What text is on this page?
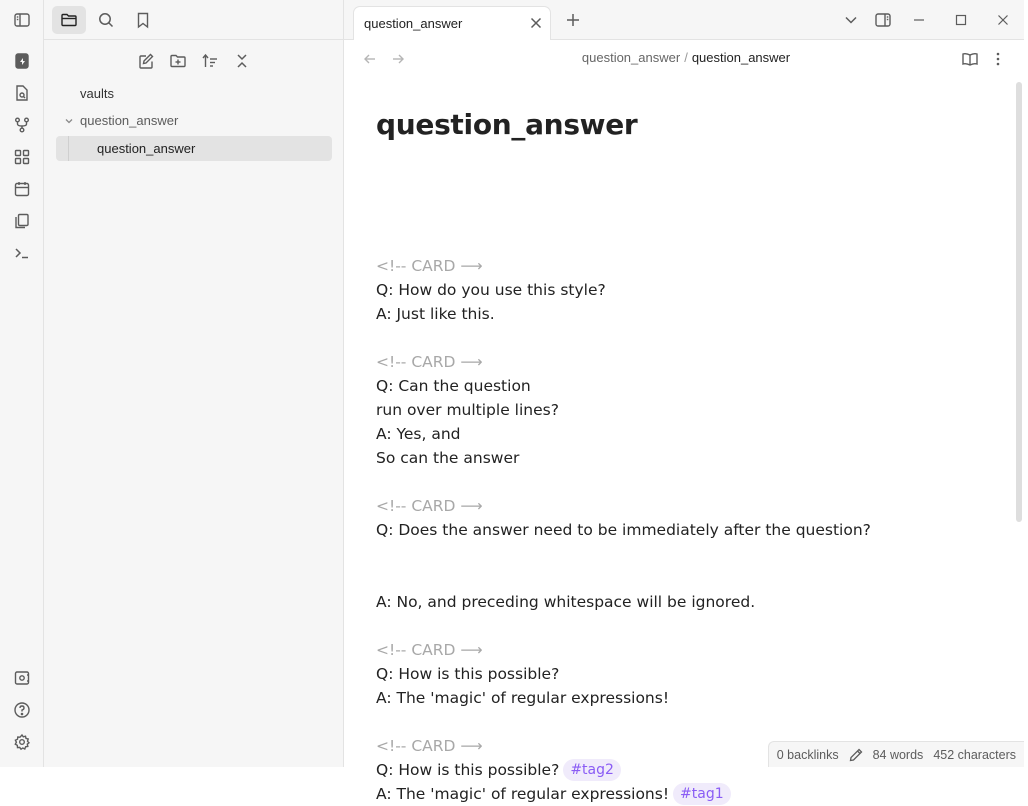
vaults
question_answer
question_answer
question_answer
question_answer / question_answer
question_answer
<!-- CARD ⟶
Q: How do you use this style?
A: Just like this.
<!-- CARD ⟶
Q: Can the question
run over multiple lines?
A: Yes, and
So can the answer
<!-- CARD ⟶
Q: Does the answer need to be immediately after the question?
A: No, and preceding whitespace will be ignored.
<!-- CARD ⟶
Q: How is this possible?
A: The 'magic' of regular expressions!
<!-- CARD ⟶
Q: How is this possible? #tag2
A: The 'magic' of regular expressions! #tag1
0 backlinks	84 words 452 characters
